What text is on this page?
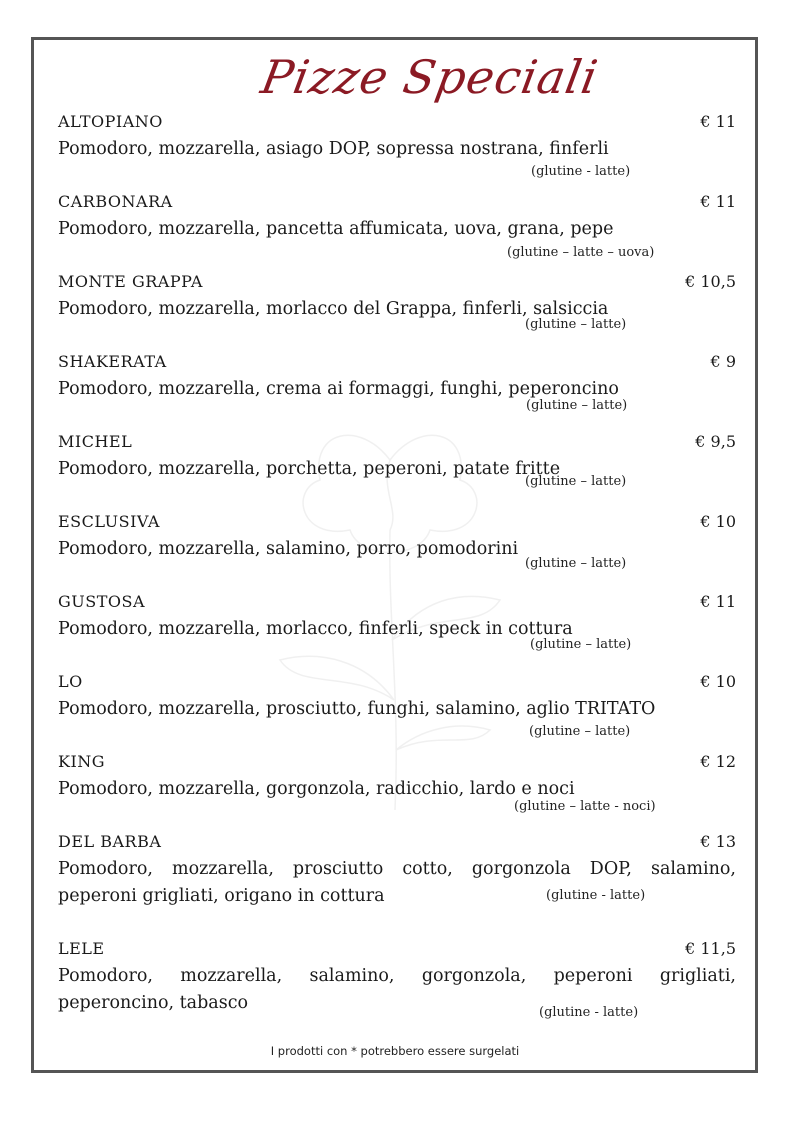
Pizze Speciali
ALTOPIANO	€ 11
Pomodoro, mozzarella, asiago DOP, sopressa nostrana, finferli
(glutine - latte)
CARBONARA	€ 11
Pomodoro, mozzarella, pancetta affumicata, uova, grana, pepe
(glutine – latte – uova)
MONTE GRAPPA	€ 10,5
Pomodoro, mozzarella, morlacco del Grappa, finferli, salsiccia
(glutine – latte)
SHAKERATA	€ 9
Pomodoro, mozzarella, crema ai formaggi, funghi, peperoncino
(glutine – latte)
MICHEL	€ 9,5
Pomodoro, mozzarella, porchetta, peperoni, patate fritte
(glutine – latte)
ESCLUSIVA	€ 10
Pomodoro, mozzarella, salamino, porro, pomodorini
(glutine – latte)
GUSTOSA	€ 11
Pomodoro, mozzarella, morlacco, finferli, speck in cottura
(glutine – latte)
LO	€ 10
Pomodoro, mozzarella, prosciutto, funghi, salamino, aglio TRITATO
(glutine – latte)
KING	€ 12
Pomodoro, mozzarella, gorgonzola, radicchio, lardo e noci
(glutine – latte - noci)
DEL BARBA	€ 13
Pomodoro, mozzarella, prosciutto cotto, gorgonzola DOP, salamino, peperoni grigliati, origano in cottura	(glutine - latte)
LELE	€ 11,5
Pomodoro, mozzarella, salamino, gorgonzola, peperoni grigliati, peperoncino, tabasco	(glutine - latte)
I prodotti con * potrebbero essere surgelati
